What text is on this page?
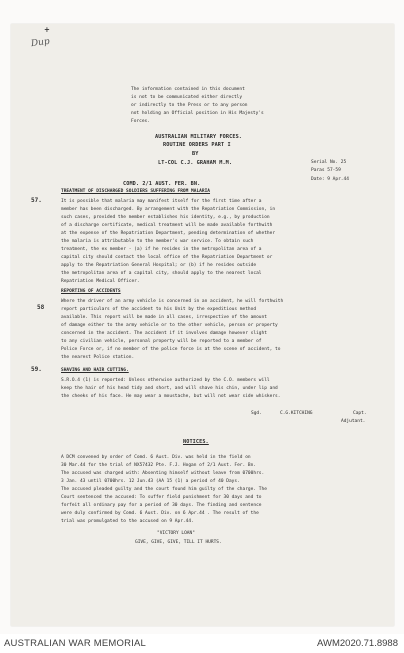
Dup
+
The information contained in this document
is not to be communicated either directly
or indirectly to the Press or to any person
not holding an Official position in His Majesty's
Forces.
AUSTRALIAN MILITARY FORCES.
ROUTINE ORDERS PART I
BY
LT-COL C.J. GRAHAM M.M.
COMD. 2/1 AUST. FER. BN.
Serial No. 25
Paras 57-59
Date: 9 Apr.44
57.
TREATMENT OF DISCHARGED SOLDIERS SUFFERING FROM MALARIA
It is possible that malaria may manifest itself for the first time after a
member has been discharged. By arrangement with the Repatriation Commission, in
such cases, provided the member establishes his identity, e.g., by production
of a discharge certificate, medical treatment will be made available forthwith
at the expense of the Repatriation Department, pending determination of whether
the malaria is attributable to the member's war service. To obtain such
treatment, the ex member - (a) if he resides in the metropolitan area of a
capital city should contact the local office of the Repatriation Department or
apply to the Repatriation General Hospital; or (b) if he resides outside
the metropolitan area of a capital city, should apply to the nearest local
Repatriation Medical Officer.
58
REPORTING OF ACCIDENTS
Where the driver of an army vehicle is concerned in an accident, he will forthwith
report particulars of the accident to his Unit by the expeditious method
available. This report will be made in all cases, irrespective of the amount
of damage either to the army vehicle or to the other vehicle, person or property
concerned in the accident. The accident if it involves damage however slight
to any civilian vehicle, personal property will be reported to a member of
Police Force or, if no member of the police force is at the scene of accident, to
the nearest Police station.
59.	SHAVING AND HAIR CUTTING.
S.R.O.4 (1) is reported: Unless otherwise authorized by the C.O. members will
keep the hair of his head tidy and short, and will shave his chin, under lip and
the cheeks of his face. He may wear a moustache, but will not wear side whiskers.
Sgd.	C.G.KITCHING	Capt.
Adjutant.
NOTICES.
A DCM convened by order of Comd. 6 Aust. Div. was held in the field on
30 Mar.44 for the trial of NX57432 Pte. F.J. Hogan of 2/1 Aust. Fer. Bn.
The accused was charged with: Absenting himself without leave from 0700hrs.
3 Jan. 43 until 0700hrs. 12 Jun.43 (AA 15 (1) a period of 40 Days.
The accused pleaded guilty and the court found him guilty of the charge. The
Court sentenced the accused: To suffer field punishment for 30 days and to
forfeit all ordinary pay for a period of 30 days. The finding and sentence
were duly confirmed by Comd. 6 Aust. Div. on 6 Apr.44 . The result of the
trial was promulgated to the accused on 9 Apr.44.
"VICTORY LOAN"
GIVE, GIVE, GIVE, TILL IT HURTS.
AUSTRALIAN WAR MEMORIAL	AWM2020.71.8988
